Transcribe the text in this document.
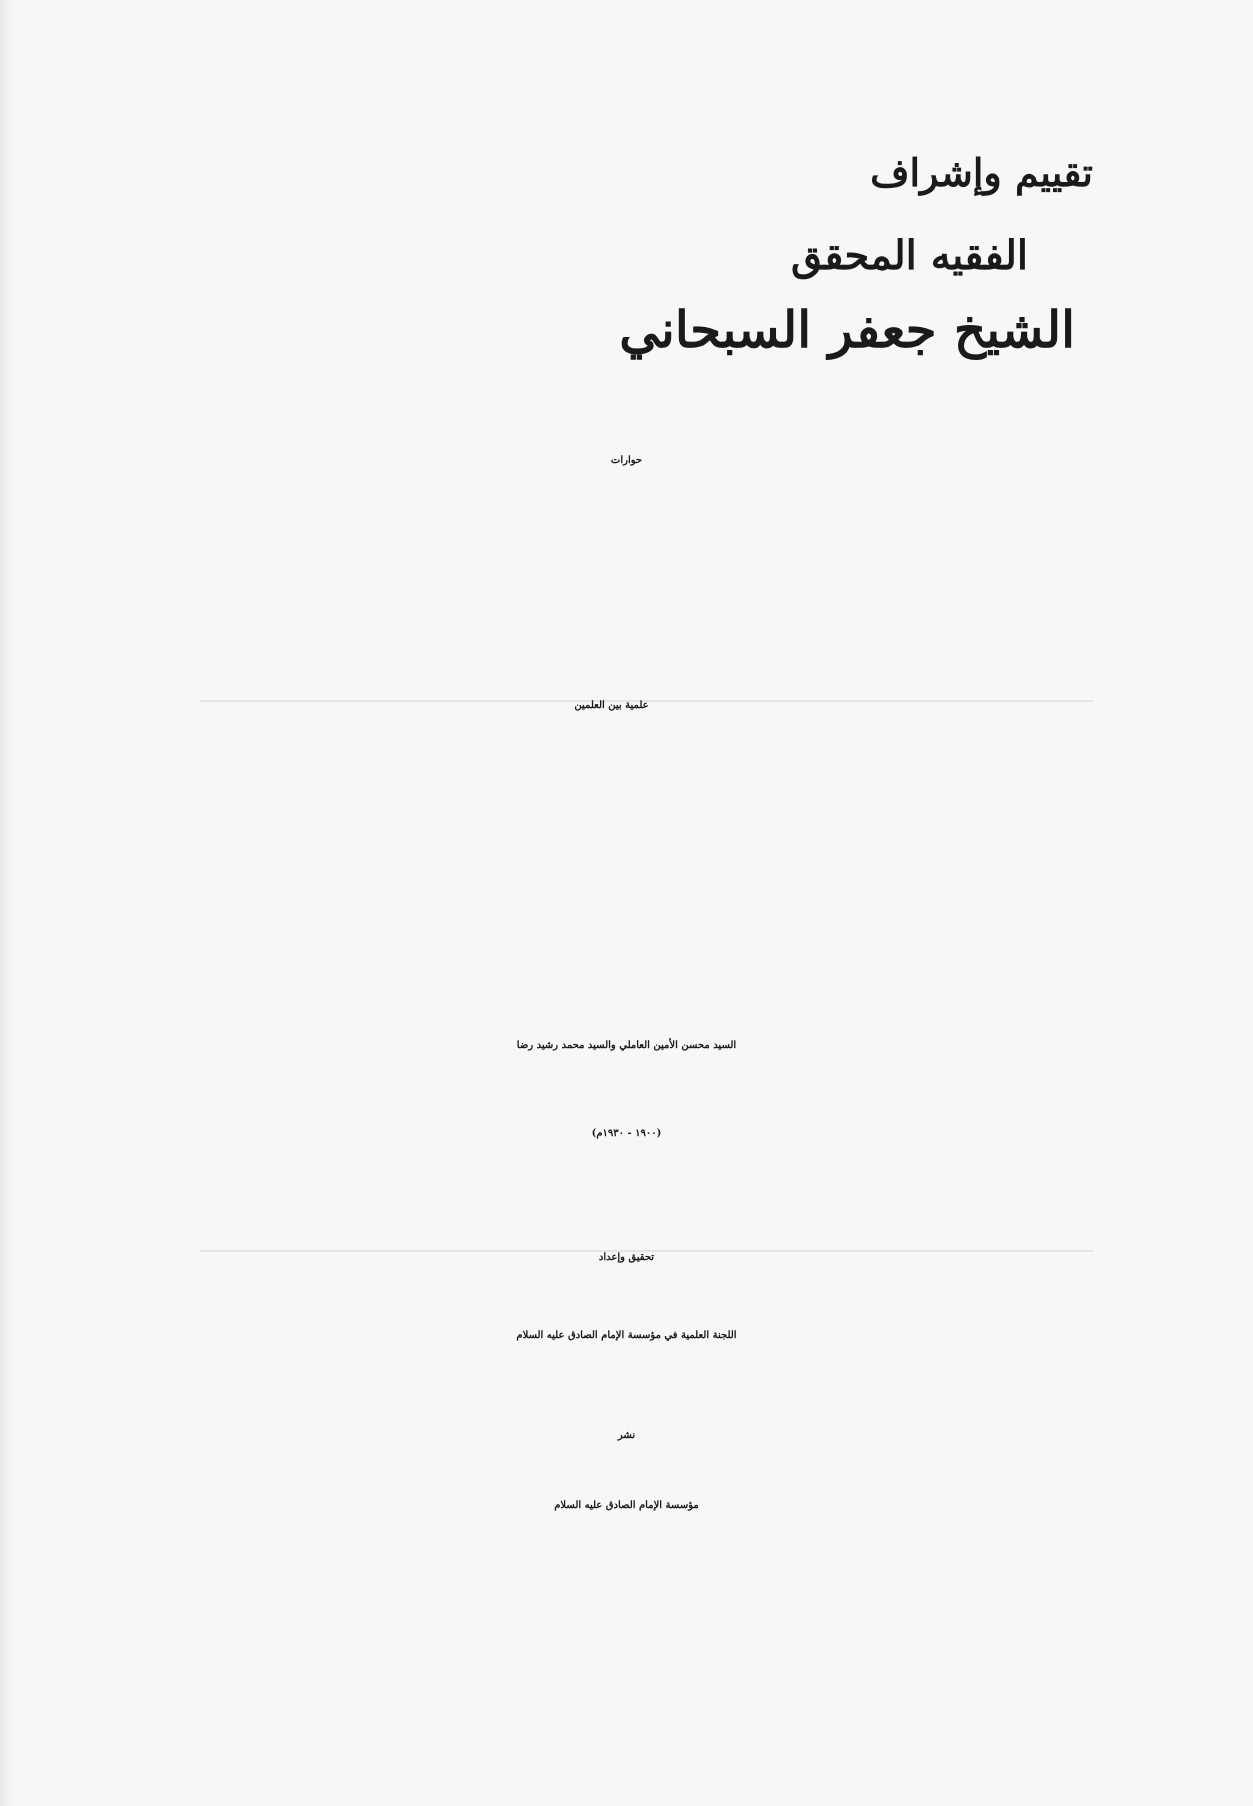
تقييم وإشراف
الفقيه المحقق
الشيخ جعفر السبحاني
حوارات
علمية بين العلمين
السيد محسن الأمين العاملي والسيد محمد رشيد رضا
(١٩٠٠ - ١٩٣٠م)
تحقيق وإعداد
اللجنة العلمية في مؤسسة الإمام الصادق عليه السلام
نشر
مؤسسة الإمام الصادق عليه السلام
